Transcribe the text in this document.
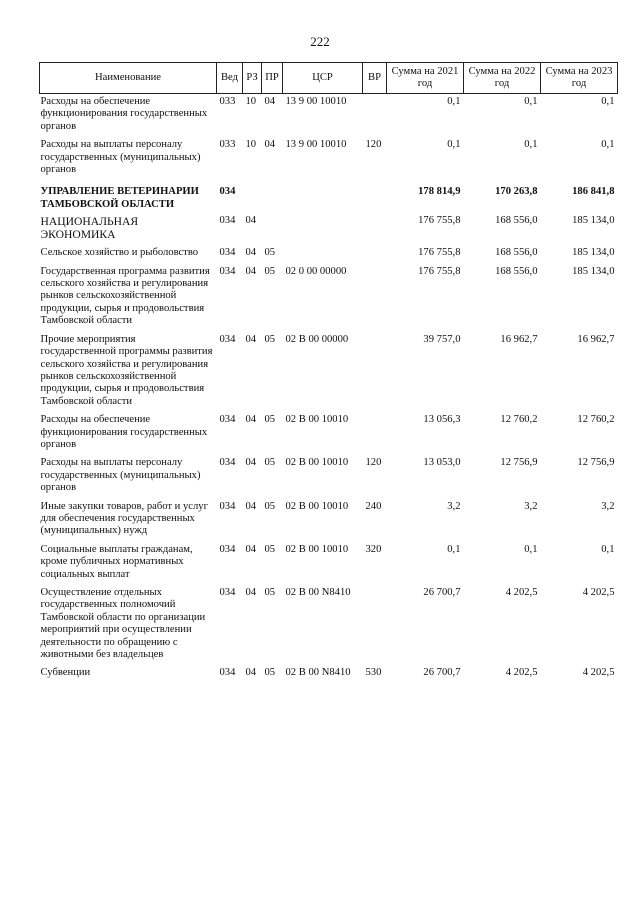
222
Наименование	Вед	РЗ	ПР	ЦСР	ВР	Сумма на 2021 год	Сумма на 2022 год	Сумма на 2023 год
Расходы на обеспечение функционирования государственных органов	033	10	04	13 9 00 10010		0,1	0,1	0,1
Расходы на выплаты персоналу государственных (муниципальных) органов	033	10	04	13 9 00 10010	120	0,1	0,1	0,1
УПРАВЛЕНИЕ ВЕТЕРИНАРИИ ТАМБОВСКОЙ ОБЛАСТИ	034					178 814,9	170 263,8	186 841,8
НАЦИОНАЛЬНАЯ ЭКОНОМИКА	034	04				176 755,8	168 556,0	185 134,0
Сельское хозяйство и рыболовство	034	04	05			176 755,8	168 556,0	185 134,0
Государственная программа развития сельского хозяйства и регулирования рынков сельскохозяйственной продукции, сырья и продовольствия Тамбовской области	034	04	05	02 0 00 00000		176 755,8	168 556,0	185 134,0
Прочие мероприятия государственной программы развития сельского хозяйства и регулирования рынков сельскохозяйственной продукции, сырья и продовольствия Тамбовской области	034	04	05	02 В 00 00000		39 757,0	16 962,7	16 962,7
Расходы на обеспечение функционирования государственных органов	034	04	05	02 В 00 10010		13 056,3	12 760,2	12 760,2
Расходы на выплаты персоналу государственных (муниципальных) органов	034	04	05	02 В 00 10010	120	13 053,0	12 756,9	12 756,9
Иные закупки товаров, работ и услуг для обеспечения государственных (муниципальных) нужд	034	04	05	02 В 00 10010	240	3,2	3,2	3,2
Социальные выплаты гражданам, кроме публичных нормативных социальных выплат	034	04	05	02 В 00 10010	320	0,1	0,1	0,1
Осуществление отдельных государственных полномочий Тамбовской области по организации мероприятий при осуществлении деятельности по обращению с животными без владельцев	034	04	05	02 В 00 N8410		26 700,7	4 202,5	4 202,5
Субвенции	034	04	05	02 В 00 N8410	530	26 700,7	4 202,5	4 202,5
